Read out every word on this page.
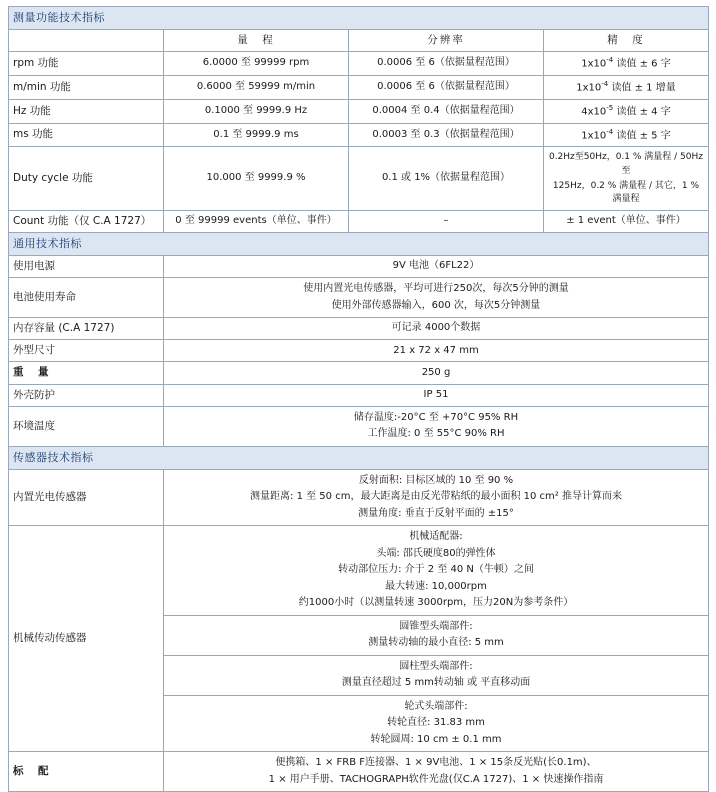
测量功能技术指标			
	量　程	分辨率	精　度
rpm 功能	6.0000 至 99999 rpm	0.0006 至 6（依据量程范围）	$1x10^{-4}$ 读值 ± 6 字
m/min 功能	0.6000 至 59999 m/min	0.0006 至 6（依据量程范围）	$1x10^{-4}$ 读值 ± 1 增量
Hz 功能	0.1000 至 9999.9 Hz	0.0004 至 0.4（依据量程范围）	$4x10^{-5}$ 读值 ± 4 字
ms 功能	0.1 至 9999.9 ms	0.0003 至 0.3（依据量程范围）	$1x10^{-4}$ 读值 ± 5 字
Duty cycle 功能	10.000 至 9999.9 %	0.1 或 1%（依据量程范围）	0.2Hz至50Hz，0.1 % 满量程 / 50Hz至
125Hz，0.2 % 满量程 / 其它，1 % 满量程

Count 功能（仅 C.A 1727）	0 至 99999 events（单位、事件）	–	± 1 event（单位、事件）
通用技术指标			
使用电源	9V 电池（6FL22）		
电池使用寿命	使用内置光电传感器，平均可进行250次，每次5分钟的测量
使用外部传感器输入，600 次，每次5分钟测量		

内存容量 (C.A 1727)	可记录 4000个数据		
外型尺寸	21 x 72 x 47 mm		
重　量	250 g		
外壳防护	IP 51		
环境温度	储存温度:-20°C 至 +70°C 95% RH
工作温度: 0 至 55°C 90% RH		

传感器技术指标			
内置光电传感器	反射面积: 目标区域的 10 至 90 %
测量距离: 1 至 50 cm，最大距离是由反光带粘纸的最小面积 10 cm² 推导计算而来
测量角度: 垂直于反射平面的 ±15°		

机械传动传感器	机械适配器:
头端: 邵氏硬度80的弹性体
转动部位压力: 介于 2 至 40 N（牛顿）之间
最大转速: 10,000rpm
约1000小时（以测量转速 3000rpm，压力20N为参考条件）		

	圆锥型头端部件:
测量转动轴的最小直径: 5 mm		

	圆柱型头端部件:
测量直径超过 5 mm转动轴 或 平直移动面		

	轮式头端部件:
转轮直径: 31.83 mm
转轮圆周: 10 cm ± 0.1 mm		

标　配	便携箱、1 × FRB F连接器、1 × 9V电池、1 × 15条反光贴(长0.1m)、
1 × 用户手册、TACHOGRAPH软件光盘(仅C.A 1727)、1 × 快速操作指南		
